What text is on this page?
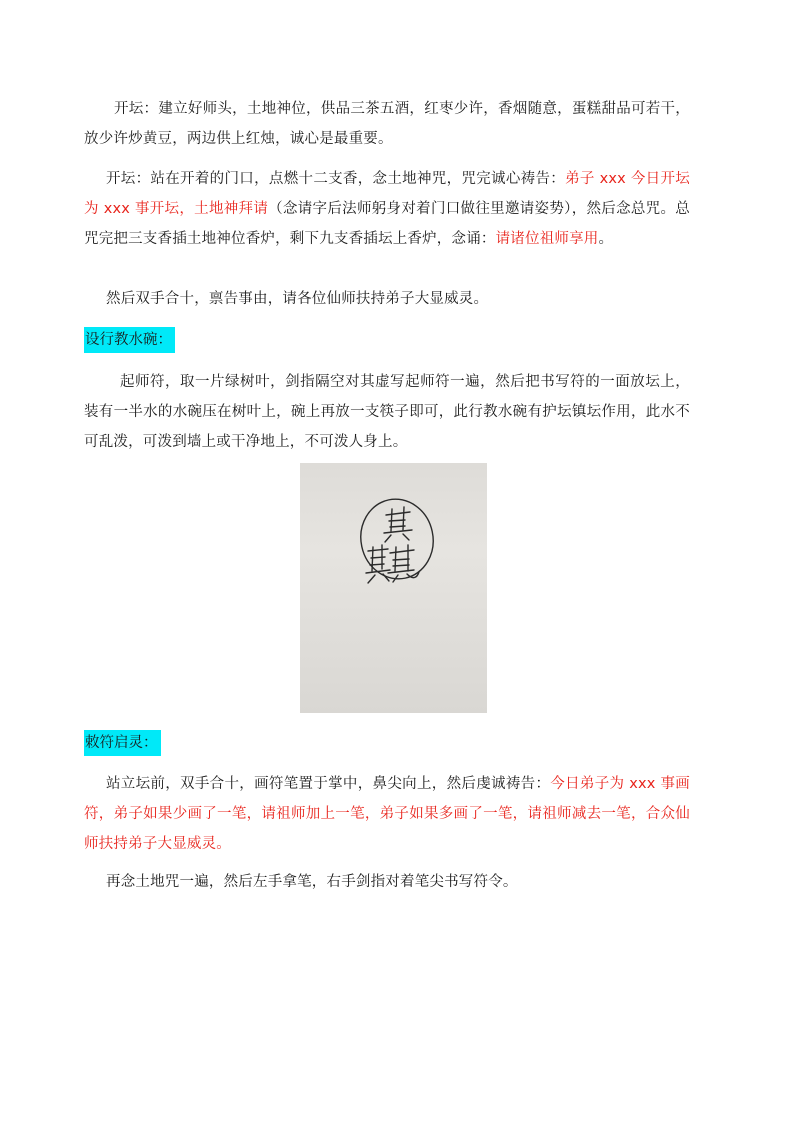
开坛：建立好师头，土地神位，供品三茶五酒，红枣少许，香烟随意，蛋糕甜品可若干，放少许炒黄豆，两边供上红烛，诚心是最重要。

开坛：站在开着的门口，点燃十二支香，念土地神咒，咒完诚心祷告：弟子 xxx 今日开坛为 xxx 事开坛，土地神拜请（念请字后法师躬身对着门口做往里邀请姿势），然后念总咒。总咒完把三支香插土地神位香炉，剩下九支香插坛上香炉，念诵：请诸位祖师享用。

然后双手合十，禀告事由，请各位仙师扶持弟子大显威灵。

设行教水碗：

起师符，取一片绿树叶，剑指隔空对其虚写起师符一遍，然后把书写符的一面放坛上，装有一半水的水碗压在树叶上，碗上再放一支筷子即可，此行教水碗有护坛镇坛作用，此水不可乱泼，可泼到墙上或干净地上，不可泼人身上。

敕符启灵：

站立坛前，双手合十，画符笔置于掌中，鼻尖向上，然后虔诚祷告：今日弟子为 xxx 事画符，弟子如果少画了一笔，请祖师加上一笔，弟子如果多画了一笔，请祖师减去一笔，合众仙师扶持弟子大显威灵。

再念土地咒一遍，然后左手拿笔，右手剑指对着笔尖书写符令。
